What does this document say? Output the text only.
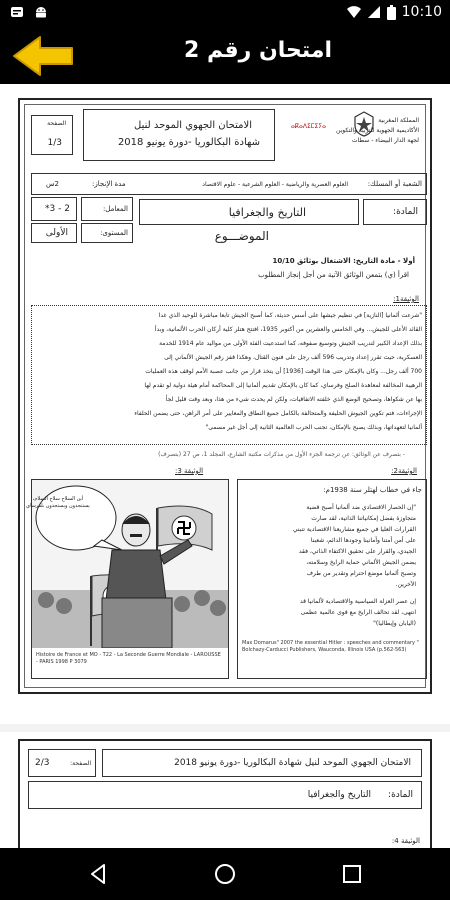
10:10
امتحان رقم 2
الصفحة
1/3
الامتحان الجهوي الموحد لنيل
شهادة البكالوريا -دورة يونيو 2018
المملكة المغربية
الأكاديمية الجهوية للتربية والتكوين
لجهة الدار البيضاء - سطات
ⴰⴽⴰⴷⵉⵎⵉⵢⴰ
الشعبة أو المسلك:
العلوم العصرية والرياضية - العلوم الشرعية - علوم الاقتصاد
مدة الإنجاز:
2س
2 - 3*	المعامل:	التاريخ والجغرافيا	المادة:
الأولى	المستوى:	الموضـــوع
أولا - مادة التاريخ: الاشتغال بوثائق 10/10
اقرأ (ي) بتمعن الوثائق الآتية من أجل إنجاز المطلوب
الوثيقة1:
"شرعت ألمانيا [النازية] في تنظيم جيشها على أسس حديثة، كما أصبح الجيش تابعا مباشرة للوحيد الذي غدا
القائد الأعلى للجيش... وفي الخامس والعشرين من أكتوبر 1935، افتتح هتلر كلية أركان الحرب الألمانية، وبدأ
بذلك الإعداد الكبير لتدريب الجيش وتوسيع صفوفه، كما استدعيت الفئة الأولى من مواليد عام 1914 للخدمة
العسكرية، حيث تقرر إعداد وتدريب 596 ألف رجل على فنون القتال، وهكذا قفز رقم الجيش الألماني إلى
700 ألف رجل... وكان بالإمكان حتى هذا الوقت [1936] أن يتخذ قرار من جانب عصبة الأمم لوقف هذه العمليات
الرهيبة المخالفة لمعاهدة الصلح وفرساي، كما كان بالإمكان تقديم ألمانيا إلى المحاكمة أمام هيئة دولية لو تقدم لها
بها عن شكواها، وتصحيح الوضع الذي خلفته الاتفاقيات، ولكن لم يحدث شيء من هذا، وبعد وقت قليل لجأ
الإجراءات، فتم تكوين الجيوش الحليفة والمتحالفة بالكامل جميع النطاق والمعايير على أمر الراهن، حتى يضمن الحلفاء
ألمانيا لتعهداتها، وبذلك يصبح بالإمكان، تجنب الحرب العالمية الثانية إلى أجل غير مسمى"
- بتصرف عن الوثائق: عن ترجمة الجزء الأول من مذكرات مكتبة الشارع، المجلد 1، ص 27 (بتصرف)
الوثيقة2:
جاء في خطاب لهتلر سنة 1938م:
"إن الحصار الاقتصادي ضد ألمانيا أصبح قضية
متجاوزة بفضل إمكانياتنا الذاتية، لقد صارت
القرارات العليا في جميع مشاريعنا الاقتصادية تنبني
على أمن أمتنا وأمانينا وجودها الدائم، شعبنا
الجيدي، والقرار على تحقيق الاكتفاء الذاتي، فقد
يضمن الجيش الألماني حماية الرايخ وسلامته،
وتصبح ألمانيا موضع احترام وتقدير من طرف
الآخرين.
إن عصر العزلة السياسية والاقتصادية لألمانيا قد
انتهى، لقد تحالف الرايخ مع قوى عالمية عظمى
(اليابان وإيطاليا)"
Max Domarus" 2007 the essential Hitler : speeches and commentary " Bolchazy-Carducci Publishers, Wauconda, Illinois USA (p.562-563)
الوثيقة 3:
أين السلاح سلاح السلام، يستنجدون ويستجدون بلفرساي
Histoire de France et MO - T22 - La Seconde Guerre Mondiale - LAROUSSE - PARIS 1998 P 3079
الصفحة:
2/3	الامتحان الجهوي الموحد لنيل شهادة البكالوريا -دورة يونيو 2018
المادة:
التاريخ والجغرافيا
الوثيقة 4:
